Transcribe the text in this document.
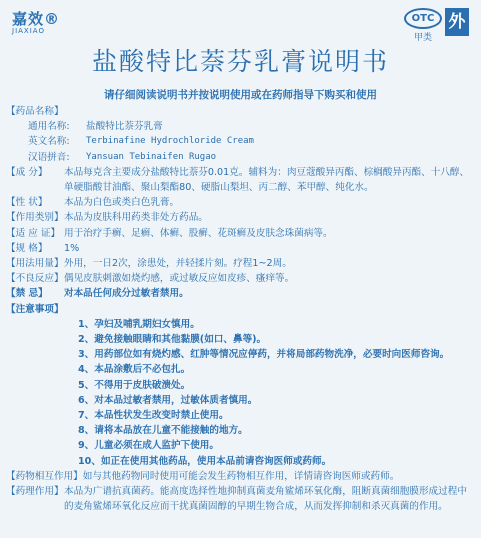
嘉效®
JIAXIAO
OTC
甲类
外
盐酸特比萘芬乳膏说明书
请仔细阅读说明书并按说明使用或在药师指导下购买和使用
【药品名称】
通用名称:	盐酸特比萘芬乳膏
英文名称:	Terbinafine Hydrochloride Cream
汉语拼音:	Yansuan Tebinaifen Rugao
【成 分】	本品每克含主要成分盐酸特比萘芬0.01克。辅料为：肉豆蔻酸异丙酯、棕榈酸异丙酯、十八醇、单硬脂酸甘油酯、聚山梨酯80、硬脂山梨坦、丙二醇、苯甲醇、纯化水。
【性 状】	本品为白色或类白色乳膏。
【作用类别】 本品为皮肤科用药类非处方药品。
【适 应 证】 用于治疗手癣、足癣、体癣、股癣、花斑癣及皮肤念珠菌病等。
【规 格】	1%
【用法用量】 外用，一日2次，涂患处，并轻揉片刻。疗程1~2周。
【不良反应】 偶见皮肤刺激如烧灼感，或过敏反应如皮疹、瘙痒等。
【禁 忌】	对本品任何成分过敏者禁用。
【注意事项】
1、 孕妇及哺乳期妇女慎用。
2、 避免接触眼睛和其他黏膜(如口、鼻等)。
3、 用药部位如有烧灼感、红肿等情况应停药，并将局部药物洗净，必要时向医师咨询。
4、 本品涂敷后不必包扎。
5、 不得用于皮肤破溃处。
6、 对本品过敏者禁用，过敏体质者慎用。
7、 本品性状发生改变时禁止使用。
8、 请将本品放在儿童不能接触的地方。
9、 儿童必须在成人监护下使用。
10、 如正在使用其他药品，使用本品前请咨询医师或药师。
【药物相互作用】 如与其他药物同时使用可能会发生药物相互作用，详情请咨询医师或药师。
【药理作用】 本品为广谱抗真菌药。能高度选择性地抑制真菌麦角鲨烯环氧化酶，阻断真菌细胞膜形成过程中的麦角鲨烯环氧化反应而干扰真菌固醇的早期生物合成，从而发挥抑制和杀灭真菌的作用。
